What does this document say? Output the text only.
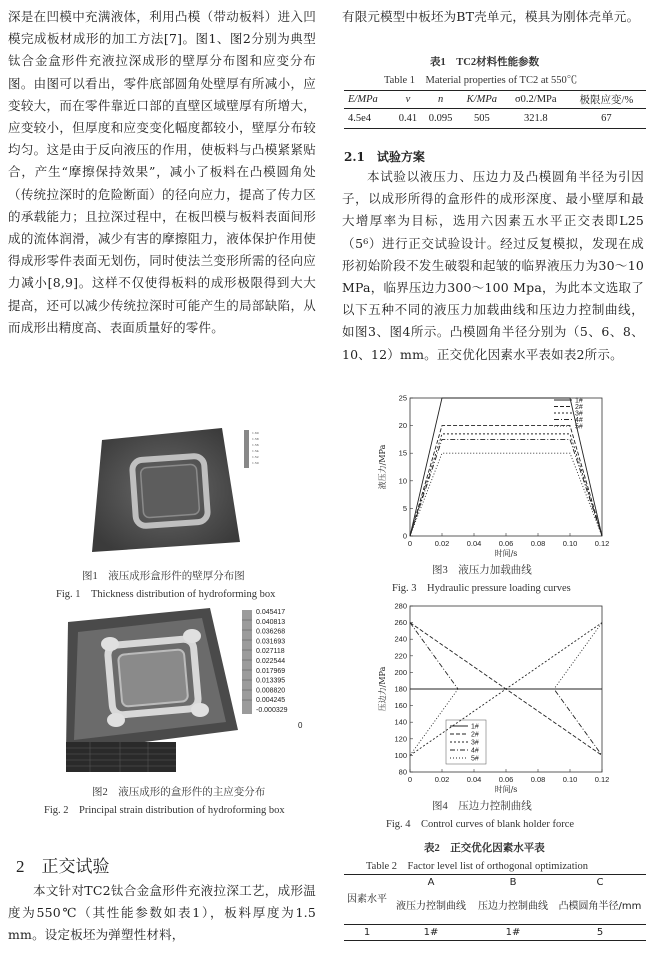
深是在凹模中充满液体，利用凸模（带动板料）进入凹模完成板材成形的加工方法[7]。图1、图2分别为典型钛合金盒形件充液拉深成形的壁厚分布图和应变分布图。由图可以看出，零件底部圆角处壁厚有所减小，应变较大，而在零件靠近口部的直壁区域壁厚有所增大，应变较小，但厚度和应变变化幅度都较小，壁厚分布较均匀。这是由于反向液压的作用，使板料与凸模紧紧贴合，产生“摩擦保持效果”，减小了板料在凸模圆角处（传统拉深时的危险断面）的径向应力，提高了传力区的承载能力；且拉深过程中，在板凹模与板料表面间形成的流体润滑，减少有害的摩擦阻力，液体保护作用使得成形零件表面无划伤，同时使法兰变形所需的径向应力减小[8,9]。这样不仅使得板料的成形极限得到大大提高，还可以减少传统拉深时可能产生的局部缺陷，从而成形出精度高、表面质量好的零件。
1.60
1.58
1.56
1.54
1.52
1.50
图1　液压成形盒形件的壁厚分布图
Fig. 1　Thickness distribution of hydroforming box
0.045417
0.040813
0.036268
0.031693
0.027118
0.022544
0.017969
0.013395
0.008820
0.004245
-0.000329
0
图2　液压成形的盒形件的主应变分布
Fig. 2　Principal strain distribution of hydroforming box
2　正交试验
本文针对TC2钛合金盒形件充液拉深工艺，成形温度为550℃（其性能参数如表1），板料厚度为1.5 mm。设定板坯为弹塑性材料，
有限元模型中板坯为BT壳单元，模具为刚体壳单元。
表1　TC2材料性能参数
Table 1　Material properties of TC2 at 550℃
E/MPa	ν	n	K/MPa	σ0.2/MPa	极限应变/%
4.5e4	0.41	0.095	505	321.8	67
2.1　试验方案
本试验以液压力、压边力及凸模圆角半径为引因子，以成形所得的盒形件的成形深度、最小壁厚和最大增厚率为目标，选用六因素五水平正交表即L25（5⁶）进行正交试验设计。经过反复模拟，发现在成形初始阶段不发生破裂和起皱的临界液压力为30～10 MPa，临界压边力300～100 Mpa，为此本文选取了以下五种不同的液压力加载曲线和压边力控制曲线，如图3、图4所示。凸模圆角半径分别为（5、6、8、10、12）mm。正交优化因素水平表如表2所示。
0	0.02 0.04 0.06 0.08 0.10 0.12
0
5
10
15
20
25
时间/s
液压力/MPa
1#
2#
3#
4#
5#
图3　液压力加载曲线
Fig. 3　Hydraulic pressure loading curves
0	0.02 0.04 0.06 0.08 0.10 0.12
80
100
120
140
160
180
200
220
240
260
280
时间/s
压边力/MPa
1#
2#
3#
4#
5#
图4　压边力控制曲线
Fig. 4　Control curves of blank holder force
表2　正交优化因素水平表
Table 2　Factor level list of orthogonal optimization
因素水平	A	B	C
	液压力控制曲线	压边力控制曲线	凸模圆角半径/mm
1	1#	1#	5
